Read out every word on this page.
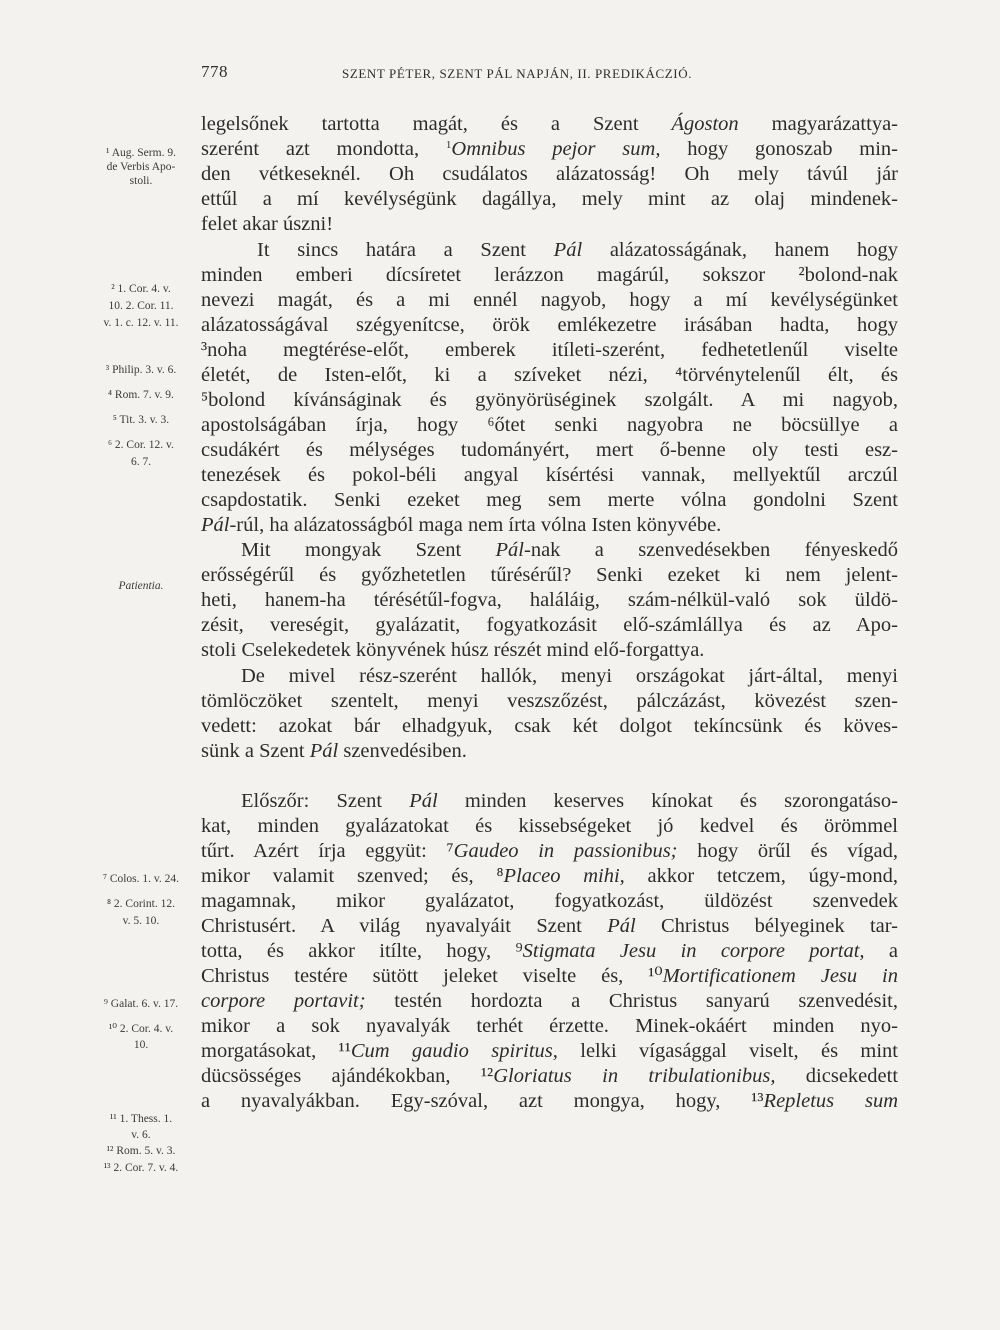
778	SZENT PÉTER, SZENT PÁL NAPJÁN, II. PREDIKÁCZIÓ.
¹ Aug. Serm. 9.
de Verbis Apo-
stoli.
² 1. Cor. 4. v.
10. 2. Cor. 11.
v. 1. c. 12. v. 11.
³ Philip. 3. v. 6.
⁴ Rom. 7. v. 9.
⁵ Tit. 3. v. 3.
⁶ 2. Cor. 12. v.
6. 7.
Patientia.
⁷ Colos. 1. v. 24.
⁸ 2. Corint. 12.
v. 5. 10.
⁹ Galat. 6. v. 17.
¹⁰ 2. Cor. 4. v.
10.
¹¹ 1. Thess. 1.
v. 6.
¹² Rom. 5. v. 3.
¹³ 2. Cor. 7. v. 4.
legelsőnek tartotta magát, és a Szent Ágoston magyarázattya-
szerént azt mondotta, $^1$Omnibus pejor sum, hogy gonoszab min-
den vétkeseknél. Oh csudálatos alázatosság! Oh mely távúl jár
ettűl a mí kevélységünk dagállya, mely mint az olaj mindenek-
felet akar úszni!
It sincs határa a Szent Pál alázatosságának, hanem hogy
minden emberi dícsíretet lerázzon magárúl, sokszor ²bolond-nak
nevezi magát, és a mi ennél nagyob, hogy a mí kevélységünket
alázatosságával szégyenítcse, örök emlékezetre irásában hadta, hogy
³noha megtérése-előt, emberek itíleti-szerént, fedhetetlenűl viselte
életét, de Isten-előt, ki a szíveket nézi, ⁴törvénytelenűl élt, és
⁵bolond kívánságinak és gyönyörüséginek szolgált. A mi nagyob,
apostolságában írja, hogy ⁶őtet senki nagyobra ne böcsüllye a
csudákért és mélységes tudományért, mert ő-benne oly testi esz-
tenezések és pokol-béli angyal kísértési vannak, mellyektűl arczúl
csapdostatik. Senki ezeket meg sem merte vólna gondolni Szent
Pál-rúl, ha alázatosságból maga nem írta vólna Isten könyvébe.
Mit mongyak Szent Pál-nak a szenvedésekben fényeskedő
erősségérűl és győzhetetlen tűrésérűl? Senki ezeket ki nem jelent-
heti, hanem-ha térésétűl-fogva, haláláig, szám-nélkül-való sok üldö-
zésit, vereségit, gyalázatit, fogyatkozásit elő-számlállya és az Apo-
stoli Cselekedetek könyvének húsz részét mind elő-forgattya.
De mivel rész-szerént hallók, menyi országokat járt-által, menyi
tömlöczöket szentelt, menyi veszszőzést, pálczázást, kövezést szen-
vedett: azokat bár elhadgyuk, csak két dolgot tekíncsünk és köves-
sünk a Szent Pál szenvedésiben.
Előszőr: Szent Pál minden keserves kínokat és szorongatáso-
kat, minden gyalázatokat és kissebségeket jó kedvel és örömmel
tűrt. Azért írja eggyüt: ⁷Gaudeo in passionibus; hogy örűl és vígad,
mikor valamit szenved; és, ⁸Placeo mihi, akkor tetczem, úgy-mond,
magamnak, mikor gyalázatot, fogyatkozást, üldözést szenvedek
Christusért. A világ nyavalyáit Szent Pál Christus bélyeginek tar-
totta, és akkor itílte, hogy, ⁹Stigmata Jesu in corpore portat, a
Christus testére sütött jeleket viselte és, ¹⁰Mortificationem Jesu in
corpore portavit; testén hordozta a Christus sanyarú szenvedésit,
mikor a sok nyavalyák terhét érzette. Minek-okáért minden nyo-
morgatásokat, ¹¹Cum gaudio spiritus, lelki vígasággal viselt, és mint
dücsösséges ajándékokban, ¹²Gloriatus in tribulationibus, dicsekedett
a nyavalyákban. Egy-szóval, azt mongya, hogy, ¹³Repletus sum
